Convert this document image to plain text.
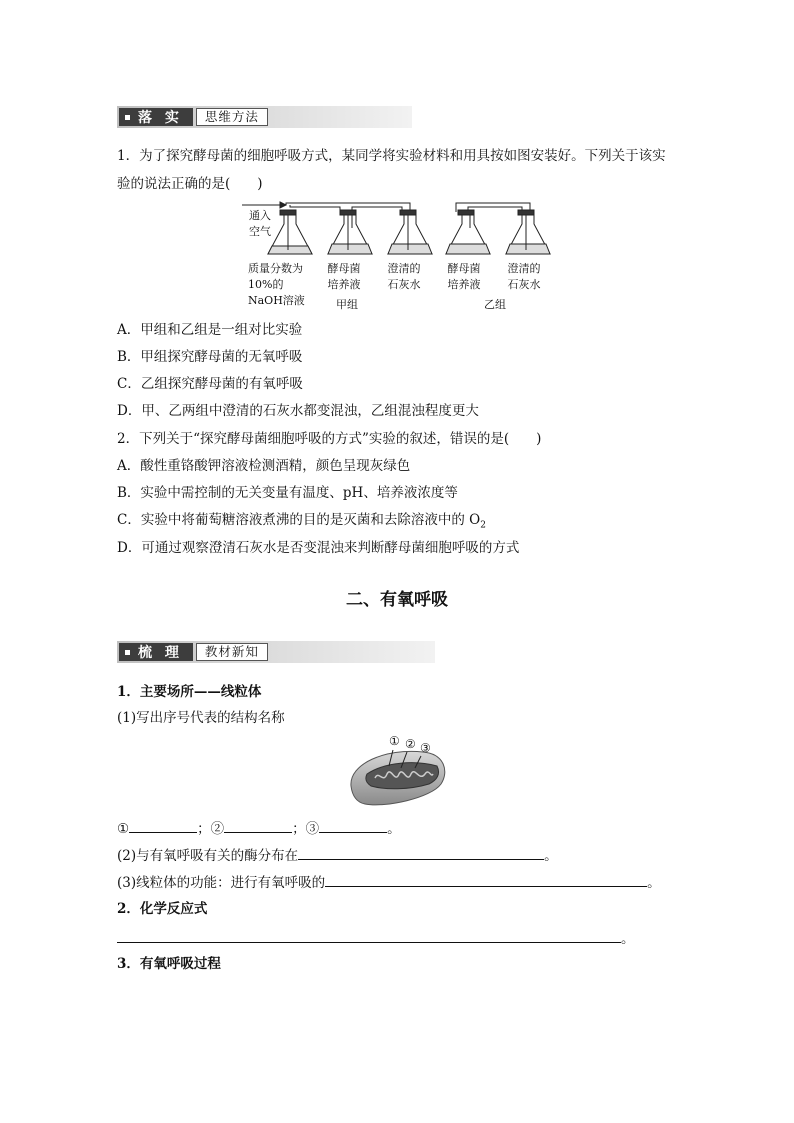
落 实	思维方法
1．为了探究酵母菌的细胞呼吸方式，某同学将实验材料和用具按如图安装好。下列关于该实
验的说法正确的是(　　)
通入空气
质量分数为10%的NaOH溶液
酵母菌培养液
澄清的石灰水
酵母菌培养液
澄清的石灰水
甲组	乙组
A．甲组和乙组是一组对比实验
B．甲组探究酵母菌的无氧呼吸
C．乙组探究酵母菌的有氧呼吸
D．甲、乙两组中澄清的石灰水都变混浊，乙组混浊程度更大
2．下列关于“探究酵母菌细胞呼吸的方式”实验的叙述，错误的是(　　)
A．酸性重铬酸钾溶液检测酒精，颜色呈现灰绿色
B．实验中需控制的无关变量有温度、pH、培养液浓度等
C．实验中将葡萄糖溶液煮沸的目的是灭菌和去除溶液中的 $O_2$
D．可通过观察澄清石灰水是否变混浊来判断酵母菌细胞呼吸的方式
二、有氧呼吸
梳 理	教材新知
1．主要场所——线粒体
(1)写出序号代表的结构名称
① ② ③
①	；②	；③	。
(2)与有氧呼吸有关的酶分布在	。
(3)线粒体的功能：进行有氧呼吸的	。
2．化学反应式
。
3．有氧呼吸过程
